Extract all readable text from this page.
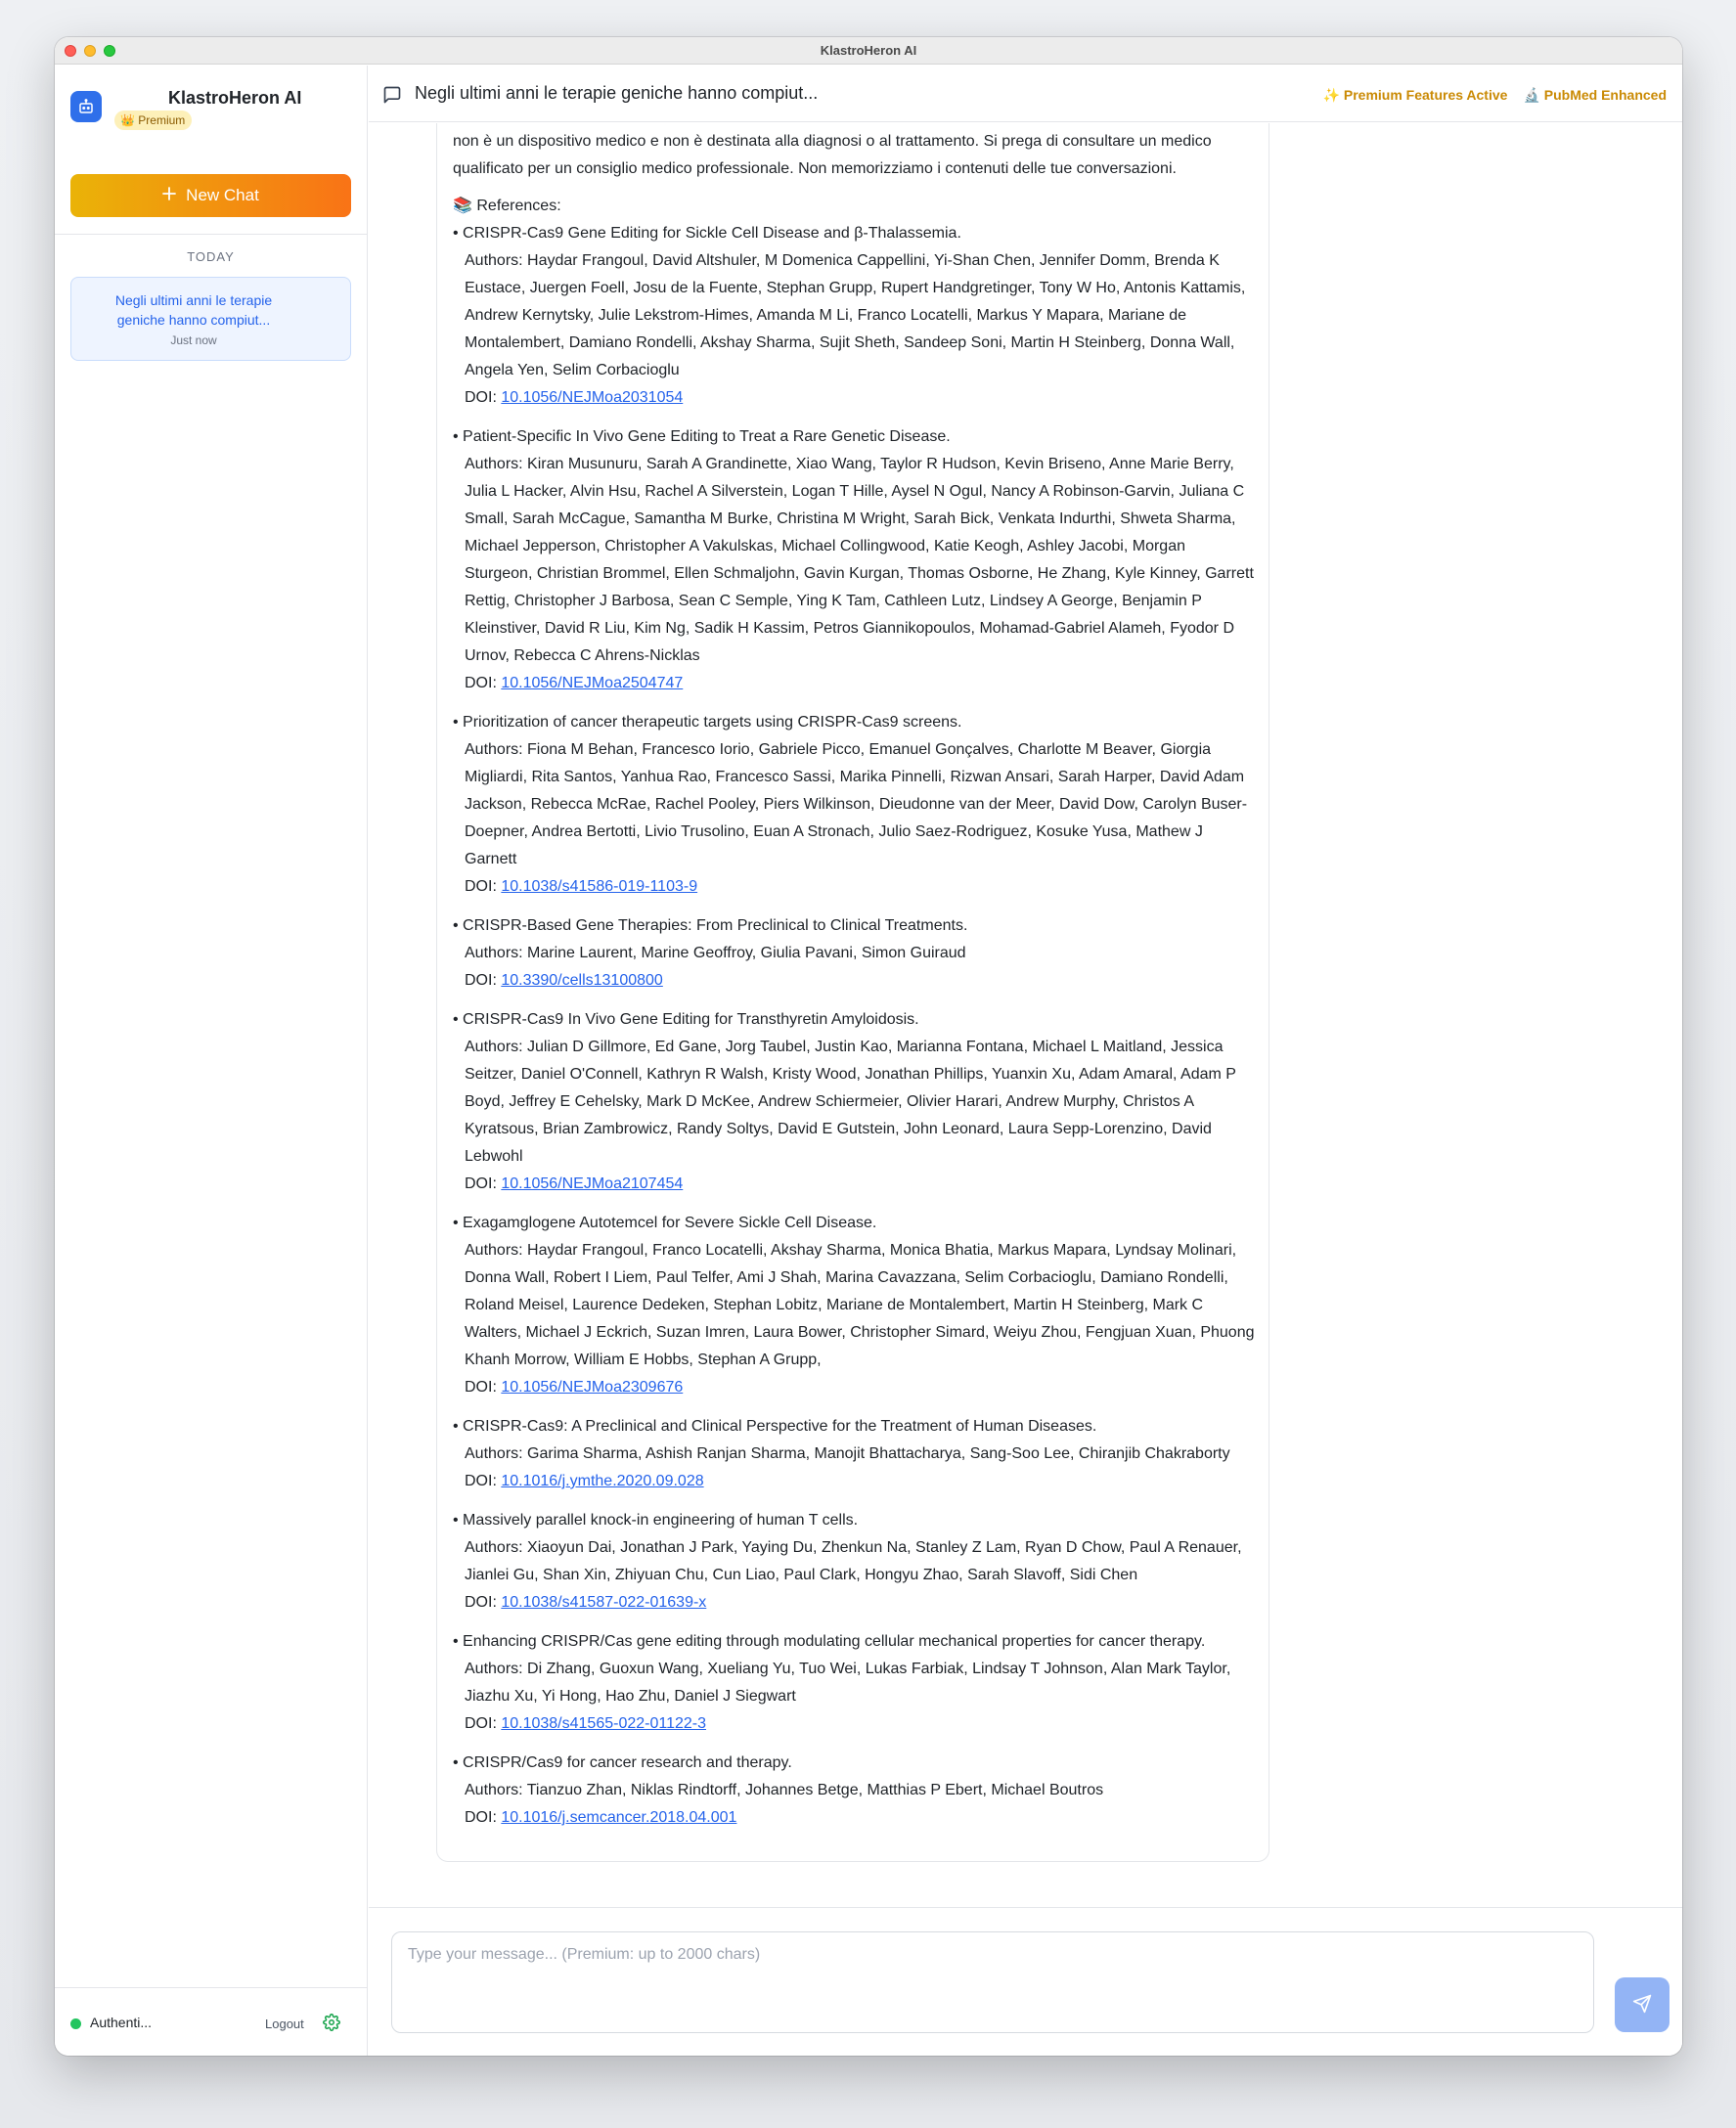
KlastroHeron AI
KlastroHeron AI
👑 Premium
New Chat
TODAY
Negli ultimi anni le terapie geniche hanno compiut...
Just now
Authenti...	Logout
Negli ultimi anni le terapie geniche hanno compiut...	✨ Premium Features Active 🔬 PubMed Enhanced

non è un dispositivo medico e non è destinata alla diagnosi o al trattamento. Si prega di consultare un medico qualificato per un consiglio medico professionale. Non memorizziamo i contenuti delle tue conversazioni.

📚 References:
• CRISPR-Cas9 Gene Editing for Sickle Cell Disease and β-Thalassemia.
Authors: Haydar Frangoul, David Altshuler, M Domenica Cappellini, Yi-Shan Chen, Jennifer Domm, Brenda K Eustace, Juergen Foell, Josu de la Fuente, Stephan Grupp, Rupert Handgretinger, Tony W Ho, Antonis Kattamis, Andrew Kernytsky, Julie Lekstrom-Himes, Amanda M Li, Franco Locatelli, Markus Y Mapara, Mariane de Montalembert, Damiano Rondelli, Akshay Sharma, Sujit Sheth, Sandeep Soni, Martin H Steinberg, Donna Wall, Angela Yen, Selim Corbacioglu
DOI: 10.1056/NEJMoa2031054
• Patient-Specific In Vivo Gene Editing to Treat a Rare Genetic Disease.
Authors: Kiran Musunuru, Sarah A Grandinette, Xiao Wang, Taylor R Hudson, Kevin Briseno, Anne Marie Berry, Julia L Hacker, Alvin Hsu, Rachel A Silverstein, Logan T Hille, Aysel N Ogul, Nancy A Robinson-Garvin, Juliana C Small, Sarah McCague, Samantha M Burke, Christina M Wright, Sarah Bick, Venkata Indurthi, Shweta Sharma, Michael Jepperson, Christopher A Vakulskas, Michael Collingwood, Katie Keogh, Ashley Jacobi, Morgan Sturgeon, Christian Brommel, Ellen Schmaljohn, Gavin Kurgan, Thomas Osborne, He Zhang, Kyle Kinney, Garrett Rettig, Christopher J Barbosa, Sean C Semple, Ying K Tam, Cathleen Lutz, Lindsey A George, Benjamin P Kleinstiver, David R Liu, Kim Ng, Sadik H Kassim, Petros Giannikopoulos, Mohamad-Gabriel Alameh, Fyodor D Urnov, Rebecca C Ahrens-Nicklas
DOI: 10.1056/NEJMoa2504747
• Prioritization of cancer therapeutic targets using CRISPR-Cas9 screens.
Authors: Fiona M Behan, Francesco Iorio, Gabriele Picco, Emanuel Gonçalves, Charlotte M Beaver, Giorgia Migliardi, Rita Santos, Yanhua Rao, Francesco Sassi, Marika Pinnelli, Rizwan Ansari, Sarah Harper, David Adam Jackson, Rebecca McRae, Rachel Pooley, Piers Wilkinson, Dieudonne van der Meer, David Dow, Carolyn Buser-Doepner, Andrea Bertotti, Livio Trusolino, Euan A Stronach, Julio Saez-Rodriguez, Kosuke Yusa, Mathew J Garnett
DOI: 10.1038/s41586-019-1103-9
• CRISPR-Based Gene Therapies: From Preclinical to Clinical Treatments.
Authors: Marine Laurent, Marine Geoffroy, Giulia Pavani, Simon Guiraud
DOI: 10.3390/cells13100800
• CRISPR-Cas9 In Vivo Gene Editing for Transthyretin Amyloidosis.
Authors: Julian D Gillmore, Ed Gane, Jorg Taubel, Justin Kao, Marianna Fontana, Michael L Maitland, Jessica Seitzer, Daniel O'Connell, Kathryn R Walsh, Kristy Wood, Jonathan Phillips, Yuanxin Xu, Adam Amaral, Adam P Boyd, Jeffrey E Cehelsky, Mark D McKee, Andrew Schiermeier, Olivier Harari, Andrew Murphy, Christos A Kyratsous, Brian Zambrowicz, Randy Soltys, David E Gutstein, John Leonard, Laura Sepp-Lorenzino, David Lebwohl
DOI: 10.1056/NEJMoa2107454
• Exagamglogene Autotemcel for Severe Sickle Cell Disease.
Authors: Haydar Frangoul, Franco Locatelli, Akshay Sharma, Monica Bhatia, Markus Mapara, Lyndsay Molinari, Donna Wall, Robert I Liem, Paul Telfer, Ami J Shah, Marina Cavazzana, Selim Corbacioglu, Damiano Rondelli, Roland Meisel, Laurence Dedeken, Stephan Lobitz, Mariane de Montalembert, Martin H Steinberg, Mark C Walters, Michael J Eckrich, Suzan Imren, Laura Bower, Christopher Simard, Weiyu Zhou, Fengjuan Xuan, Phuong Khanh Morrow, William E Hobbs, Stephan A Grupp,
DOI: 10.1056/NEJMoa2309676
• CRISPR-Cas9: A Preclinical and Clinical Perspective for the Treatment of Human Diseases.
Authors: Garima Sharma, Ashish Ranjan Sharma, Manojit Bhattacharya, Sang-Soo Lee, Chiranjib Chakraborty
DOI: 10.1016/j.ymthe.2020.09.028
• Massively parallel knock-in engineering of human T cells.
Authors: Xiaoyun Dai, Jonathan J Park, Yaying Du, Zhenkun Na, Stanley Z Lam, Ryan D Chow, Paul A Renauer, Jianlei Gu, Shan Xin, Zhiyuan Chu, Cun Liao, Paul Clark, Hongyu Zhao, Sarah Slavoff, Sidi Chen
DOI: 10.1038/s41587-022-01639-x
• Enhancing CRISPR/Cas gene editing through modulating cellular mechanical properties for cancer therapy.
Authors: Di Zhang, Guoxun Wang, Xueliang Yu, Tuo Wei, Lukas Farbiak, Lindsay T Johnson, Alan Mark Taylor, Jiazhu Xu, Yi Hong, Hao Zhu, Daniel J Siegwart
DOI: 10.1038/s41565-022-01122-3
• CRISPR/Cas9 for cancer research and therapy.
Authors: Tianzuo Zhan, Niklas Rindtorff, Johannes Betge, Matthias P Ebert, Michael Boutros
DOI: 10.1016/j.semcancer.2018.04.001
Type your message... (Premium: up to 2000 chars)
